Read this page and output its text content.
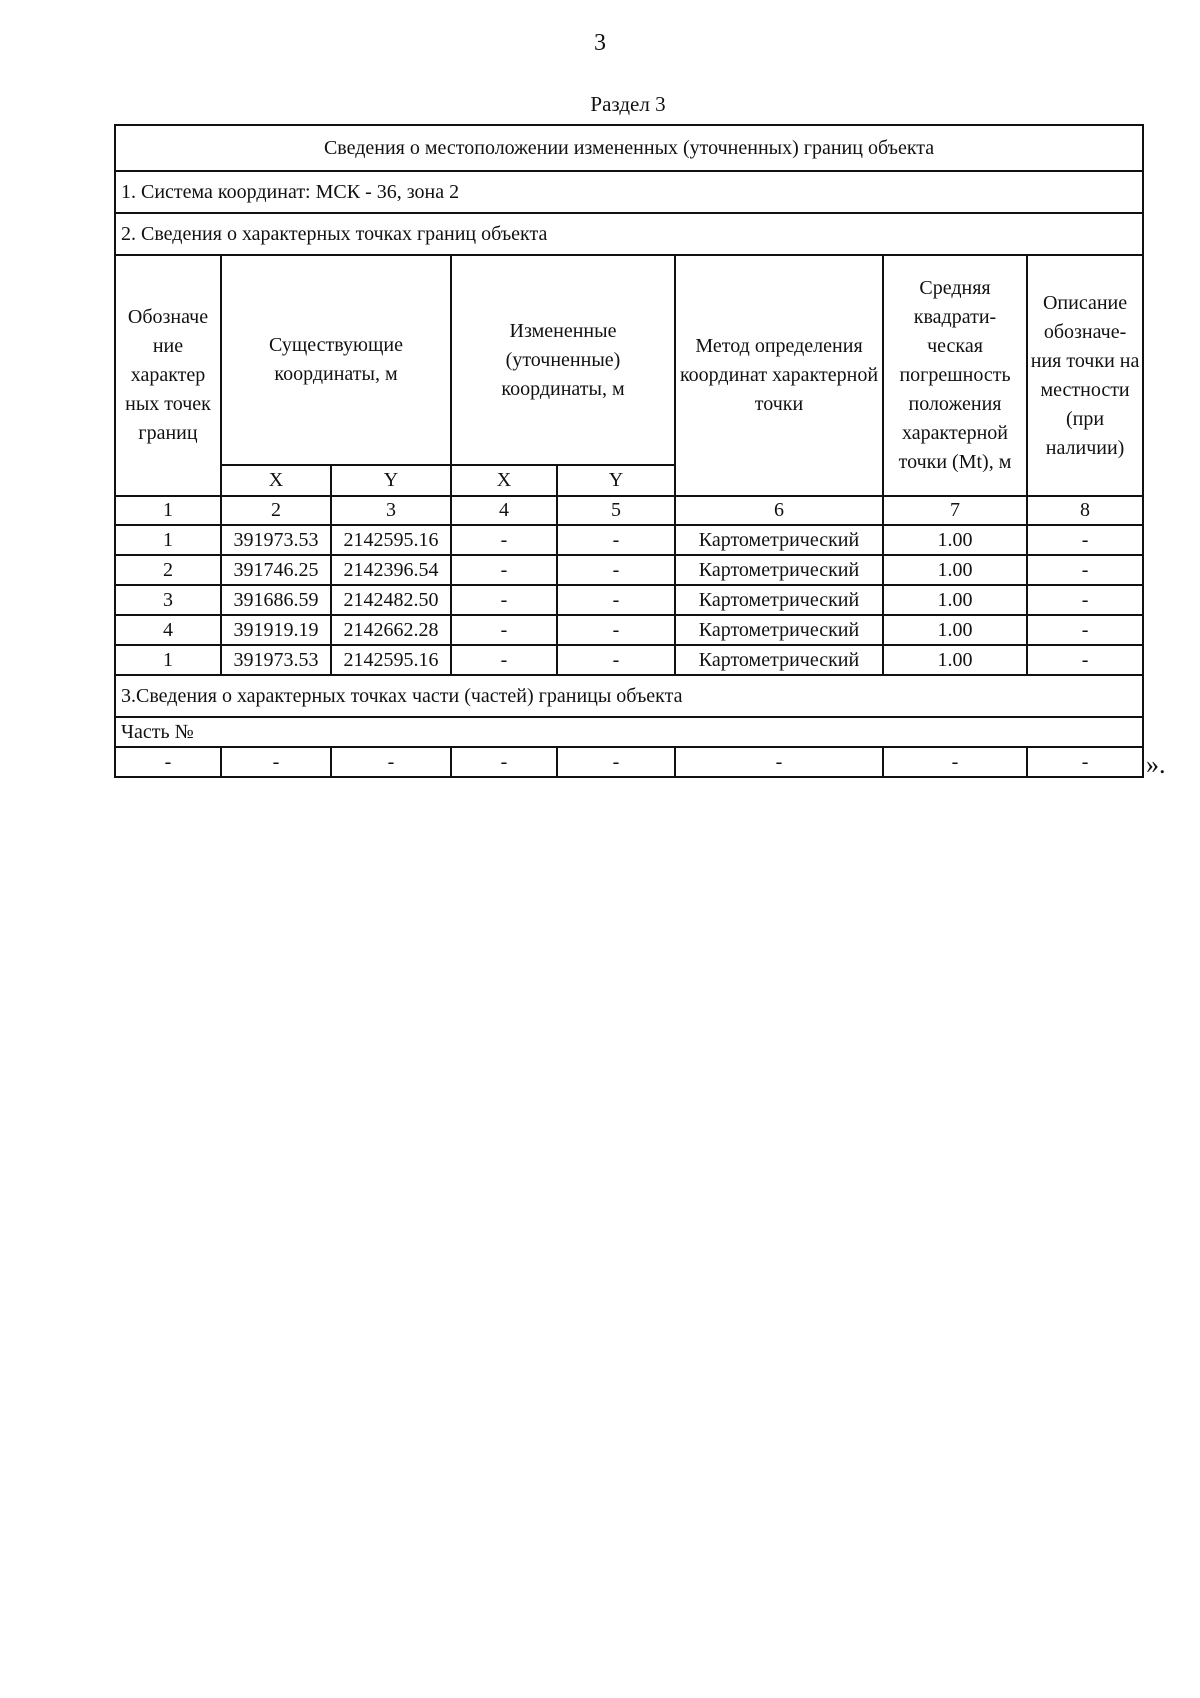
3
Раздел 3
Сведения о местоположении измененных (уточненных) границ объекта							
1. Система координат: МСК - 36, зона 2							
2. Сведения о характерных точках границ объекта							
Обозначе ние характер ных точек границ	Существующие координаты, м		Измененные (уточненные) координаты, м		Метод определения координат характерной точки	Средняя квадрати- ческая погрешность положения характерной точки (Mt), м	Описание обозначе- ния точки на местности (при наличии)
	X	Y	X	Y			
1	2	3	4	5	6	7	8
1	391973.53	2142595.16	-	-	Картометрический	1.00	-
2	391746.25	2142396.54	-	-	Картометрический	1.00	-
3	391686.59	2142482.50	-	-	Картометрический	1.00	-
4	391919.19	2142662.28	-	-	Картометрический	1.00	-
1	391973.53	2142595.16	-	-	Картометрический	1.00	-
3.Сведения о характерных точках части (частей) границы объекта							
Часть №							
-	-	-	-	-	-	-	- ».
